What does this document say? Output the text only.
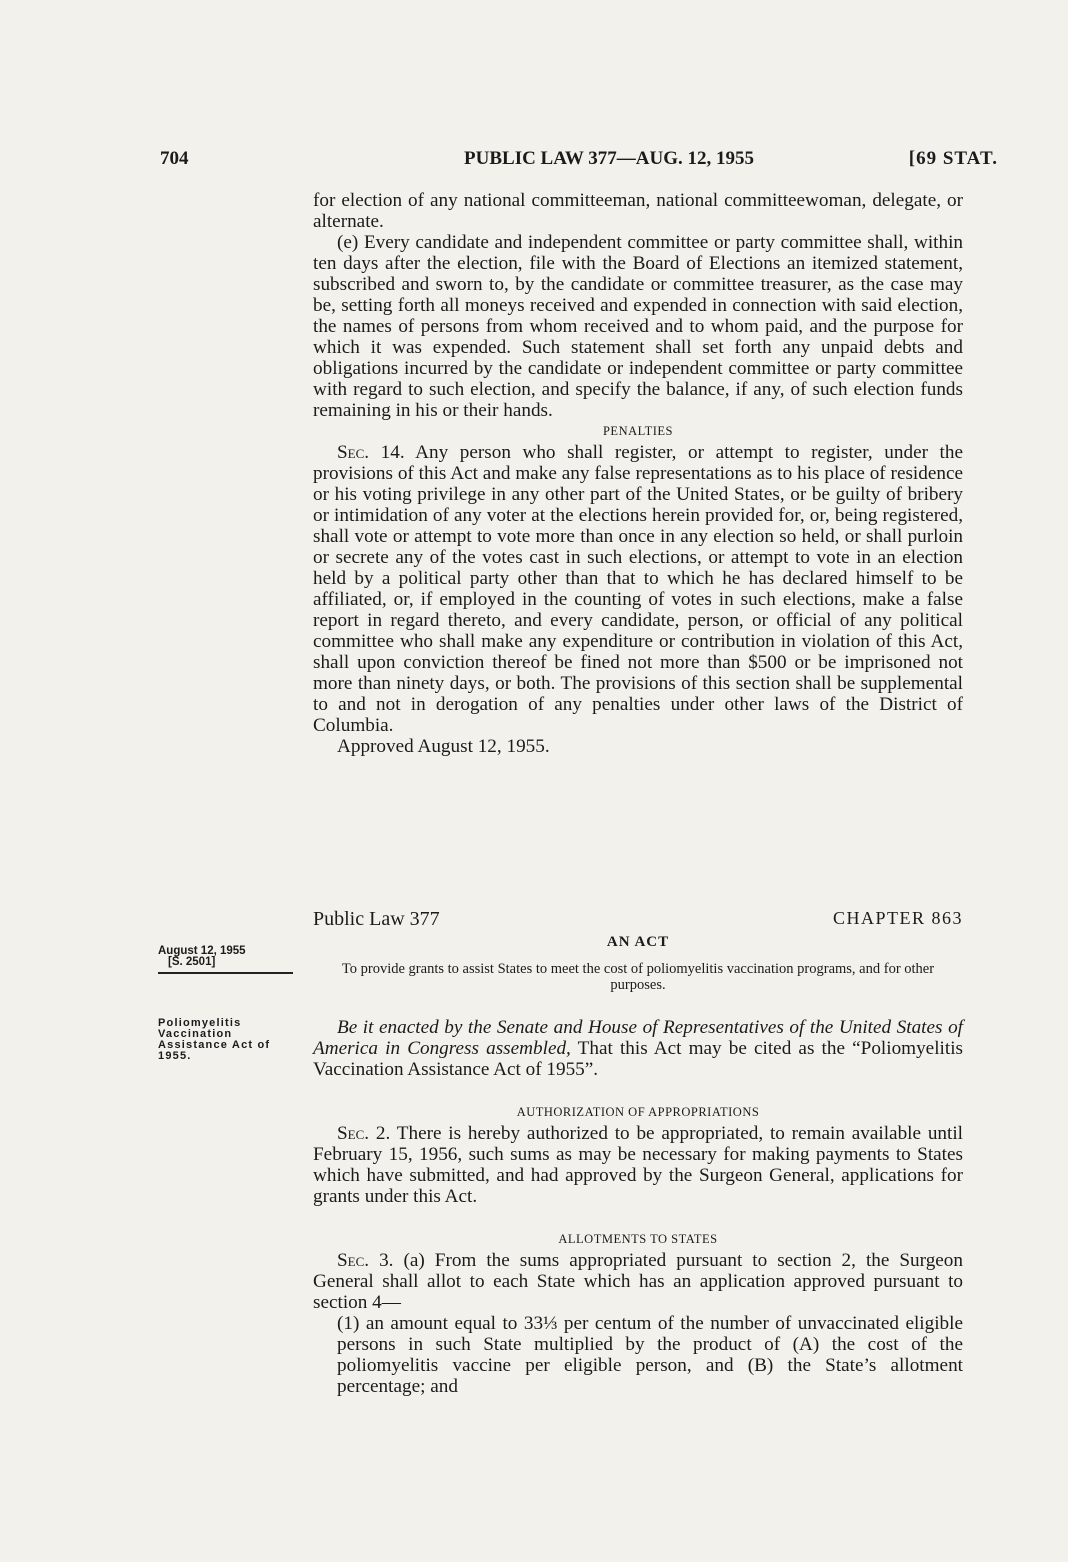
704	PUBLIC LAW 377—AUG. 12, 1955	[69 STAT.

for election of any national committeeman, national committeewoman, delegate, or alternate.

(e) Every candidate and independent committee or party committee shall, within ten days after the election, file with the Board of Elections an itemized statement, subscribed and sworn to, by the candidate or committee treasurer, as the case may be, setting forth all moneys received and expended in connection with said election, the names of persons from whom received and to whom paid, and the purpose for which it was expended. Such statement shall set forth any unpaid debts and obligations incurred by the candidate or independent committee or party committee with regard to such election, and specify the balance, if any, of such election funds remaining in his or their hands.

PENALTIES

Sec. 14. Any person who shall register, or attempt to register, under the provisions of this Act and make any false representations as to his place of residence or his voting privilege in any other part of the United States, or be guilty of bribery or intimidation of any voter at the elections herein provided for, or, being registered, shall vote or attempt to vote more than once in any election so held, or shall purloin or secrete any of the votes cast in such elections, or attempt to vote in an election held by a political party other than that to which he has declared himself to be affiliated, or, if employed in the counting of votes in such elections, make a false report in regard thereto, and every candidate, person, or official of any political committee who shall make any expenditure or contribution in violation of this Act, shall upon conviction thereof be fined not more than $500 or be imprisoned not more than ninety days, or both. The provisions of this section shall be supplemental to and not in derogation of any penalties under other laws of the District of Columbia.

Approved August 12, 1955.

Public Law 377	CHAPTER 863
AN ACT
To provide grants to assist States to meet the cost of poliomyelitis vaccination programs, and for other purposes.
August 12, 1955
[S. 2501]
Poliomyelitis Vaccination Assistance Act of 1955.

Be it enacted by the Senate and House of Representatives of the United States of America in Congress assembled, That this Act may be cited as the “Poliomyelitis Vaccination Assistance Act of 1955”.

AUTHORIZATION OF APPROPRIATIONS

Sec. 2. There is hereby authorized to be appropriated, to remain available until February 15, 1956, such sums as may be necessary for making payments to States which have submitted, and had approved by the Surgeon General, applications for grants under this Act.

ALLOTMENTS TO STATES

Sec. 3. (a) From the sums appropriated pursuant to section 2, the Surgeon General shall allot to each State which has an application approved pursuant to section 4—

(1) an amount equal to 33⅓ per centum of the number of unvaccinated eligible persons in such State multiplied by the product of (A) the cost of the poliomyelitis vaccine per eligible person, and (B) the State’s allotment percentage; and
